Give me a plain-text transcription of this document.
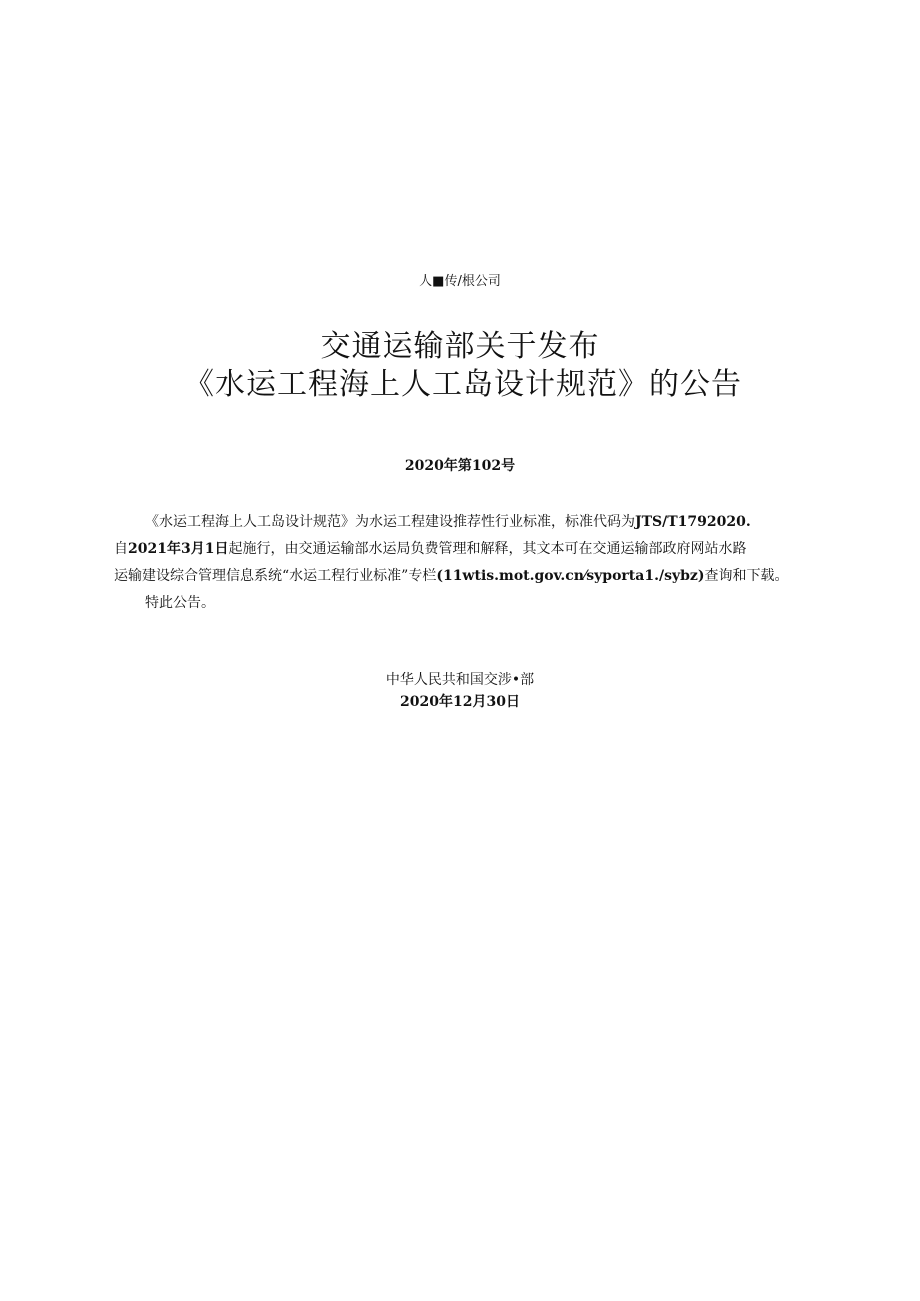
人■传/根公司
交通运输部关于发布
《水运工程海上人工岛设计规范》的公告
2020年第102号

《水运工程海上人工岛设计规范》为水运工程建设推荐性行业标准，标准代码为JTS/T1792020.

自2021年3月1日起施行，由交通运输部水运局负费管理和解释，其文本可在交通运输部政府网站水路

运输建设综合管理信息系统“水运工程行业标准”专栏(11wtis.mot.gov.cn⁄syporta1./sybz)查询和下载。

特此公告。

中华人民共和国交涉•部
2020年12月30日
